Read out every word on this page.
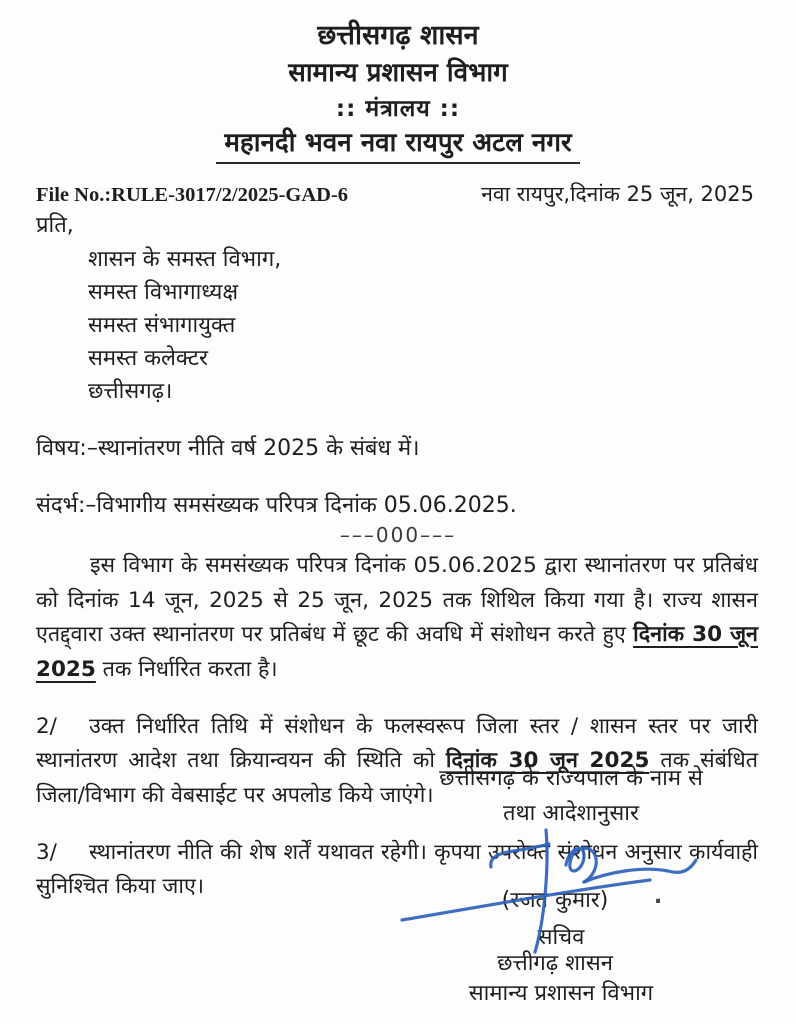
छत्तीसगढ़ शासन
सामान्य प्रशासन विभाग
:: मंत्रालय ::
महानदी भवन नवा रायपुर अटल नगर
File No.:RULE-3017/2/2025-GAD-6	नवा रायपुर,दिनांक 25 जून, 2025
प्रति,
शासन के समस्त विभाग,
समस्त विभागाध्यक्ष
समस्त संभागायुक्त
समस्त कलेक्टर
छत्तीसगढ़।
विषय:–स्थानांतरण नीति वर्ष 2025 के संबंध में।
संदर्भ:–विभागीय समसंख्यक परिपत्र दिनांक 05.06.2025.
–––000–––

इस विभाग के समसंख्यक परिपत्र दिनांक 05.06.2025 द्वारा स्थानांतरण पर प्रतिबंध को दिनांक 14 जून, 2025 से 25 जून, 2025 तक शिथिल किया गया है। राज्य शासन एतद्द्वारा उक्त स्थानांतरण पर प्रतिबंध में छूट की अवधि में संशोधन करते हुए दिनांक 30 जून 2025 तक निर्धारित करता है।

2/ उक्त निर्धारित तिथि में संशोधन के फलस्वरूप जिला स्तर / शासन स्तर पर जारी स्थानांतरण आदेश तथा क्रियान्वयन की स्थिति को दिनांक 30 जून 2025 तक संबंधित जिला/विभाग की वेबसाईट पर अपलोड किये जाएंगे।

3/ स्थानांतरण नीति की शेष शर्तें यथावत रहेगी। कृपया उपरोक्त संशोधन अनुसार कार्यवाही सुनिश्चित किया जाए।

छत्तीसगढ़ के राज्यपाल के नाम से
तथा आदेशानुसार
(रजत कुमार)	.
सचिव
छत्तीगढ़ शासन
सामान्य प्रशासन विभाग
